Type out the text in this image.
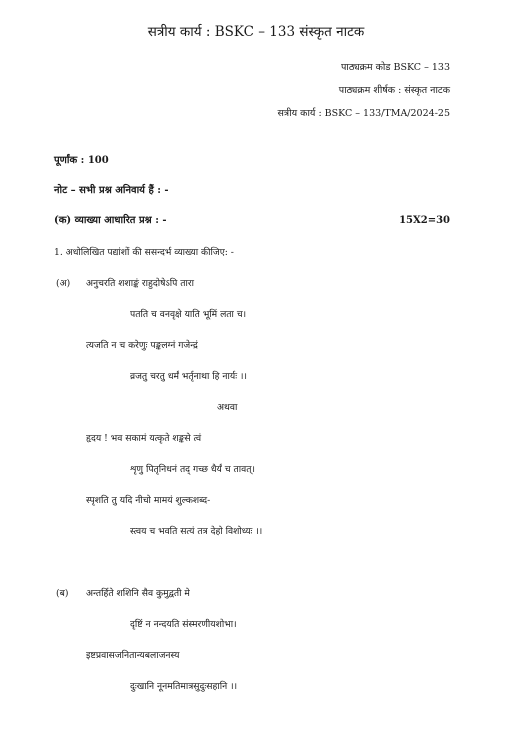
सत्रीय कार्य : BSKC – 133 संस्कृत नाटक
पाठ्यक्रम कोड BSKC – 133
पाठ्यक्रम शीर्षक : संस्कृत नाटक
सत्रीय कार्य : BSKC – 133/TMA/2024-25
पूर्णांक : 100
नोट – सभी प्रश्न अनिवार्य हैं : -
(क) व्याख्या आधारित प्रश्न : -	15X2=30
1. अधोलिखित पद्यांशों की ससन्दर्भ व्याख्या कीजिए: -
(अ) अनुचरति शशाङ्कं राहुदोषेऽपि तारा
पतति च वनवृक्षे याति भूमिं लता च।
त्यजति न च करेणुः पङ्कलग्नं गजेन्द्रं
व्रजतु चरतु धर्मं भर्तृनाथा हि नार्यः ।।
अथवा
हृदय ! भव सकामं यत्कृते शङ्कसे त्वं
शृणु पितृनिधनं तद् गच्छ धैर्यं च तावत्।
स्पृशति तु यदि नीचो मामयं शुल्कशब्द-
स्त्वय च भवति सत्यं तत्र देहो विशोध्यः ।।
(ब) अन्तर्हिते शशिनि सैव कुमुद्वती मे
दृष्टिं न नन्दयति संस्मरणीयशोभा।
इष्टप्रवासजनितान्यबलाजनस्य
दुःखानि नूनमतिमात्रसुदुःसहानि ।।
